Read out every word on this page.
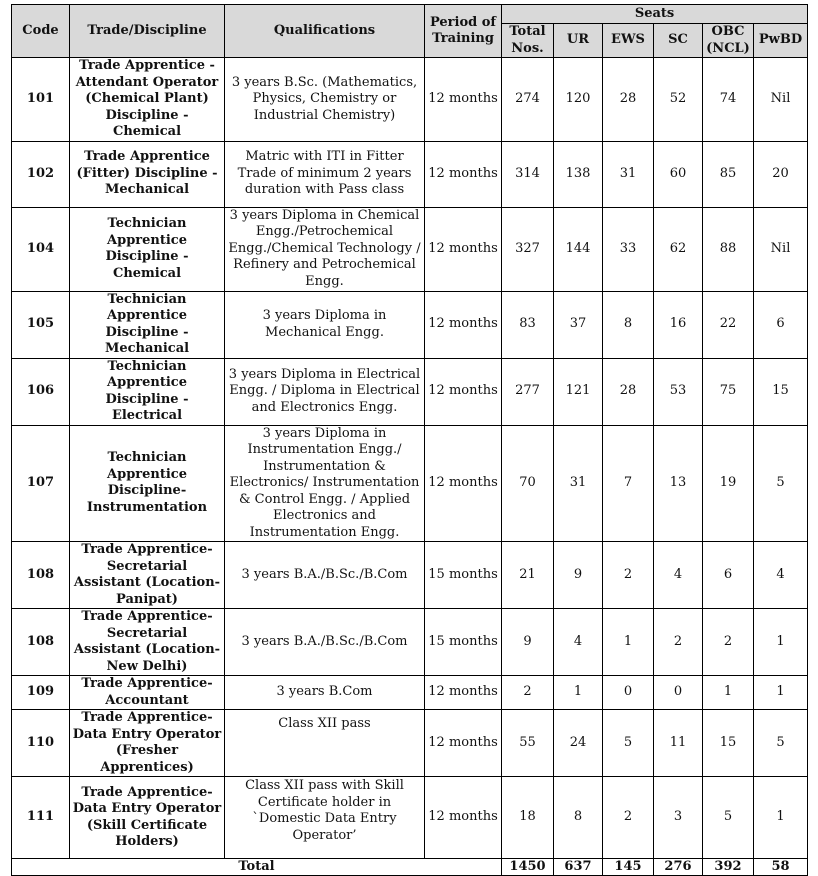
Code	Trade/Discipline	Qualifications	Period of Training	Seats					
				Total Nos.	UR	EWS	SC	OBC (NCL)	PwBD
101	Trade Apprentice - Attendant Operator (Chemical Plant) Discipline - Chemical	3 years B.Sc. (Mathematics, Physics, Chemistry or Industrial Chemistry)	12 months	274	120	28	52	74	Nil
102	Trade Apprentice (Fitter) Discipline - Mechanical	Matric with ITI in Fitter Trade of minimum 2 years duration with Pass class	12 months	314	138	31	60	85	20
104	Technician Apprentice Discipline - Chemical	3 years Diploma in Chemical Engg./Petrochemical Engg./Chemical Technology / Refinery and Petrochemical Engg.	12 months	327	144	33	62	88	Nil
105	Technician Apprentice Discipline - Mechanical	3 years Diploma in Mechanical Engg.	12 months	83	37	8	16	22	6
106	Technician Apprentice Discipline - Electrical	3 years Diploma in Electrical Engg. / Diploma in Electrical and Electronics Engg.	12 months	277	121	28	53	75	15
107	Technician Apprentice Discipline-Instrumentation	3 years Diploma in Instrumentation Engg./ Instrumentation & Electronics/ Instrumentation & Control Engg. / Applied Electronics and Instrumentation Engg.	12 months	70	31	7	13	19	5
108	Trade Apprentice- Secretarial Assistant (Location- Panipat)	3 years B.A./B.Sc./B.Com	15 months	21	9	2	4	6	4
108	Trade Apprentice- Secretarial Assistant (Location- New Delhi)	3 years B.A./B.Sc./B.Com	15 months	9	4	1	2	2	1
109	Trade Apprentice- Accountant	3 years B.Com	12 months	2	1	0	0	1	1
110	Trade Apprentice- Data Entry Operator (Fresher Apprentices)	Class XII pass	12 months	55	24	5	11	15	5
111	Trade Apprentice- Data Entry Operator (Skill Certificate Holders)	Class XII pass with Skill Certificate holder in `Domestic Data Entry Operator’	12 months	18	8	2	3	5	1
Total				1450	637	145	276	392	58
